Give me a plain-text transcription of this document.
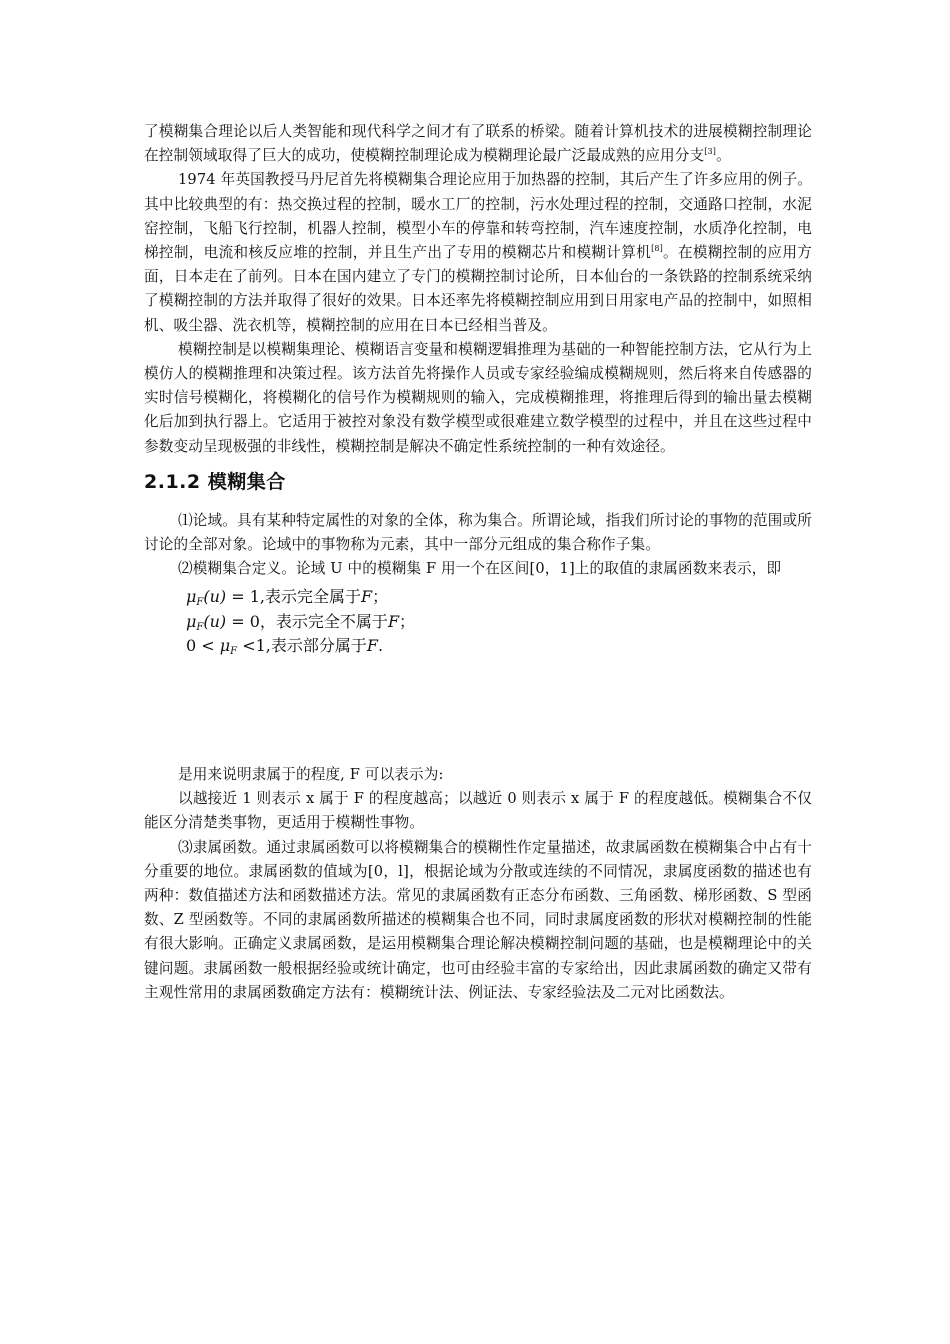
了模糊集合理论以后人类智能和现代科学之间才有了联系的桥梁。随着计算机技术的进展模糊控制理论在控制领域取得了巨大的成功，使模糊控制理论成为模糊理论最广泛最成熟的应用分支[3]。

1974 年英国教授马丹尼首先将模糊集合理论应用于加热器的控制，其后产生了许多应用的例子。其中比较典型的有：热交换过程的控制，暖水工厂的控制，污水处理过程的控制，交通路口控制，水泥窑控制，飞船飞行控制，机器人控制，模型小车的停靠和转弯控制，汽车速度控制，水质净化控制，电梯控制，电流和核反应堆的控制，并且生产出了专用的模糊芯片和模糊计算机[8]。在模糊控制的应用方面，日本走在了前列。日本在国内建立了专门的模糊控制讨论所，日本仙台的一条铁路的控制系统采纳了模糊控制的方法并取得了很好的效果。日本还率先将模糊控制应用到日用家电产品的控制中，如照相机、吸尘器、洗衣机等，模糊控制的应用在日本已经相当普及。

模糊控制是以模糊集理论、模糊语言变量和模糊逻辑推理为基础的一种智能控制方法，它从行为上模仿人的模糊推理和决策过程。该方法首先将操作人员或专家经验编成模糊规则，然后将来自传感器的实时信号模糊化，将模糊化的信号作为模糊规则的输入，完成模糊推理，将推理后得到的输出量去模糊化后加到执行器上。它适用于被控对象没有数学模型或很难建立数学模型的过程中，并且在这些过程中参数变动呈现极强的非线性，模糊控制是解决不确定性系统控制的一种有效途径。

2.1.2 模糊集合

⑴论域。具有某种特定属性的对象的全体，称为集合。所谓论域，指我们所讨论的事物的范围或所讨论的全部对象。论域中的事物称为元素，其中一部分元组成的集合称作子集。

⑵模糊集合定义。论域 U 中的模糊集 F 用一个在区间[0，1]上的取值的隶属函数来表示，即

$\mu_F(u) = 1$,表示完全属于F；
$\mu_F(u) = 0$，表示完全不属于F；
$0 < \mu_F <1$,表示部分属于F.

是用来说明隶属于的程度, F 可以表示为:

以越接近 1 则表示 x 属于 F 的程度越高；以越近 0 则表示 x 属于 F 的程度越低。模糊集合不仅能区分清楚类事物，更适用于模糊性事物。

⑶隶属函数。通过隶属函数可以将模糊集合的模糊性作定量描述，故隶属函数在模糊集合中占有十分重要的地位。隶属函数的值域为[0，l]，根据论域为分散或连续的不同情况，隶属度函数的描述也有两种：数值描述方法和函数描述方法。常见的隶属函数有正态分布函数、三角函数、梯形函数、S 型函数、Z 型函数等。不同的隶属函数所描述的模糊集合也不同，同时隶属度函数的形状对模糊控制的性能有很大影响。正确定义隶属函数，是运用模糊集合理论解决模糊控制问题的基础，也是模糊理论中的关键问题。隶属函数一般根据经验或统计确定，也可由经验丰富的专家给出，因此隶属函数的确定又带有主观性常用的隶属函数确定方法有：模糊统计法、例证法、专家经验法及二元对比函数法。
